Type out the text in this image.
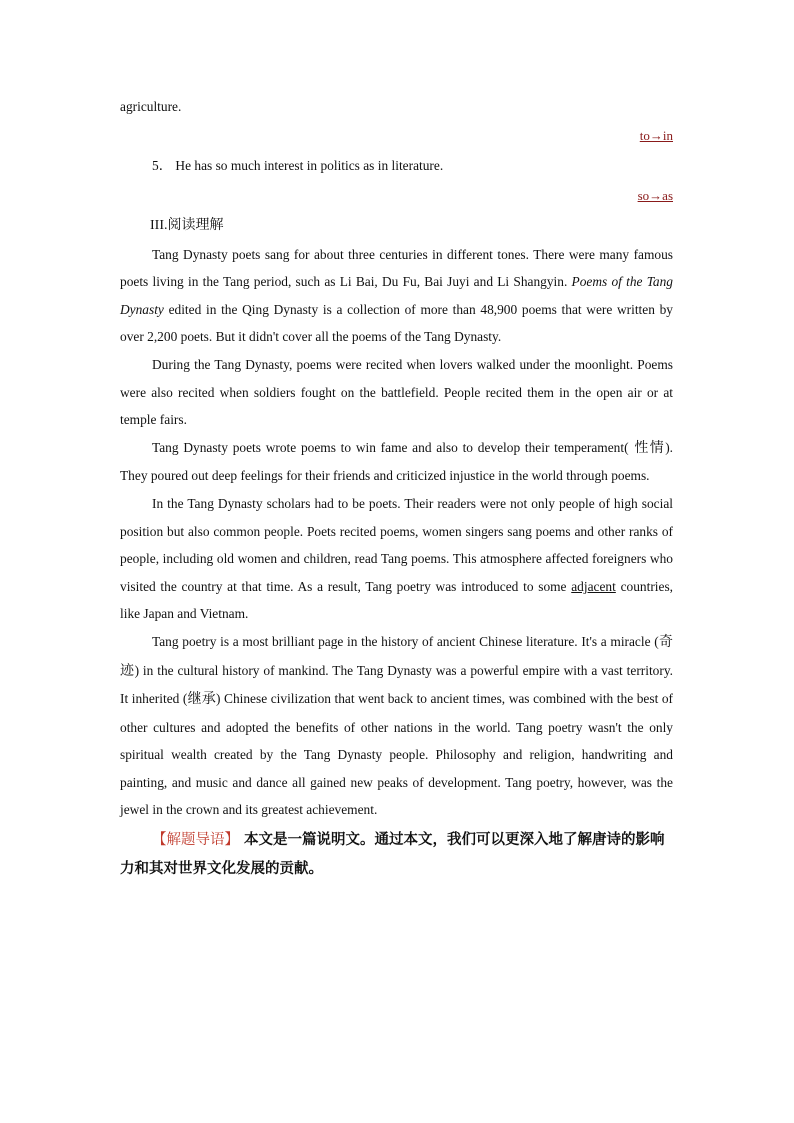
agriculture.

to→in
5． He has so much interest in politics as in literature.
so→as
III.阅读理解

Tang Dynasty poets sang for about three centuries in different tones. There were many famous poets living in the Tang period, such as Li Bai, Du Fu, Bai Juyi and Li Shangyin. Poems of the Tang Dynasty edited in the Qing Dynasty is a collection of more than 48,900 poems that were written by over 2,200 poets. But it didn't cover all the poems of the Tang Dynasty.

During the Tang Dynasty, poems were recited when lovers walked under the moonlight. Poems were also recited when soldiers fought on the battlefield. People recited them in the open air or at temple fairs.

Tang Dynasty poets wrote poems to win fame and also to develop their temperament( 性情). They poured out deep feelings for their friends and criticized injustice in the world through poems.

In the Tang Dynasty scholars had to be poets. Their readers were not only people of high social position but also common people. Poets recited poems, women singers sang poems and other ranks of people, including old women and children, read Tang poems. This atmosphere affected foreigners who visited the country at that time. As a result, Tang poetry was introduced to some adjacent countries, like Japan and Vietnam.

Tang poetry is a most brilliant page in the history of ancient Chinese literature. It's a miracle (奇迹) in the cultural history of mankind. The Tang Dynasty was a powerful empire with a vast territory. It inherited (继承) Chinese civilization that went back to ancient times, was combined with the best of other cultures and adopted the benefits of other nations in the world. Tang poetry wasn't the only spiritual wealth created by the Tang Dynasty people. Philosophy and religion, handwriting and painting, and music and dance all gained new peaks of development. Tang poetry, however, was the jewel in the crown and its greatest achievement.

【解题导语】 本文是一篇说明文。通过本文，我们可以更深入地了解唐诗的影响力和其对世界文化发展的贡献。
